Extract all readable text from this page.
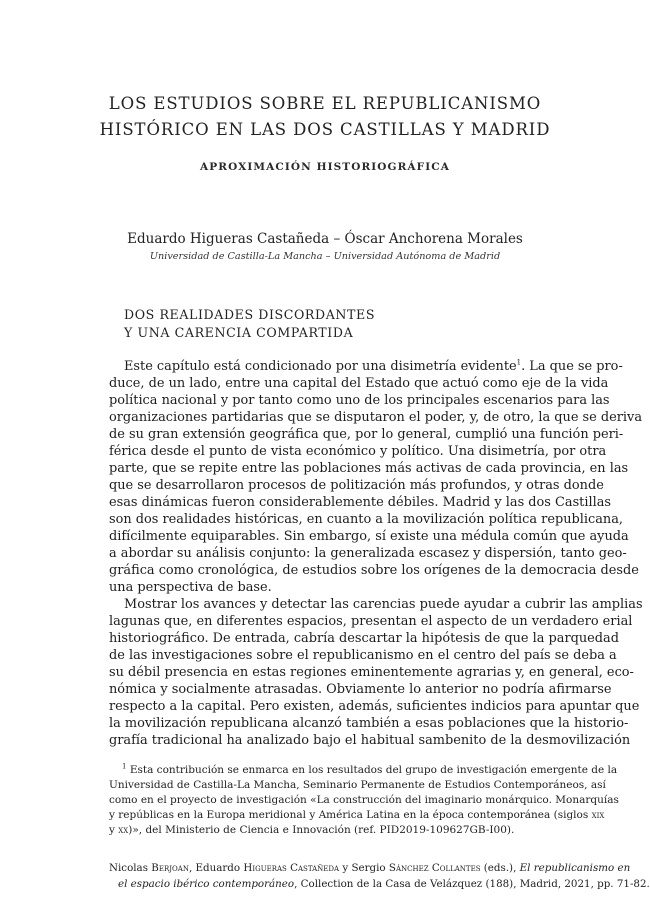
LOS ESTUDIOS SOBRE EL REPUBLICANISMO
HISTÓRICO EN LAS DOS CASTILLAS Y MADRID
APROXIMACIÓN HISTORIOGRÁFICA
Eduardo Higueras Castañeda – Óscar Anchorena Morales
Universidad de Castilla-La Mancha – Universidad Autónoma de Madrid
DOS REALIDADES DISCORDANTES
Y UNA CARENCIA COMPARTIDA
Este capítulo está condicionado por una disimetría evidente$^1$. La que se pro-
duce, de un lado, entre una capital del Estado que actuó como eje de la vida
política nacional y por tanto como uno de los principales escenarios para las
organizaciones partidarias que se disputaron el poder, y, de otro, la que se deriva
de su gran extensión geográfica que, por lo general, cumplió una función peri-
férica desde el punto de vista económico y político. Una disimetría, por otra
parte, que se repite entre las poblaciones más activas de cada provincia, en las
que se desarrollaron procesos de politización más profundos, y otras donde
esas dinámicas fueron considerablemente débiles. Madrid y las dos Castillas
son dos realidades históricas, en cuanto a la movilización política republicana,
difícilmente equiparables. Sin embargo, sí existe una médula común que ayuda
a abordar su análisis conjunto: la generalizada escasez y dispersión, tanto geo-
gráfica como cronológica, de estudios sobre los orígenes de la democracia desde
una perspectiva de base.
Mostrar los avances y detectar las carencias puede ayudar a cubrir las amplias
lagunas que, en diferentes espacios, presentan el aspecto de un verdadero erial
historiográfico. De entrada, cabría descartar la hipótesis de que la parquedad
de las investigaciones sobre el republicanismo en el centro del país se deba a
su débil presencia en estas regiones eminentemente agrarias y, en general, eco-
nómica y socialmente atrasadas. Obviamente lo anterior no podría afirmarse
respecto a la capital. Pero existen, además, suficientes indicios para apuntar que
la movilización republicana alcanzó también a esas poblaciones que la historio-
grafía tradicional ha analizado bajo el habitual sambenito de la desmovilización
$^1$ Esta contribución se enmarca en los resultados del grupo de investigación emergente de la
Universidad de Castilla-La Mancha, Seminario Permanente de Estudios Contemporáneos, así
como en el proyecto de investigación «La construcción del imaginario monárquico. Monarquías
y repúblicas en la Europa meridional y América Latina en la época contemporánea (siglos xix
y xx)», del Ministerio de Ciencia e Innovación (ref. PID2019-109627GB-I00).
Nicolas Berjoan, Eduardo Higueras Castañeda y Sergio Sánchez Collantes (eds.), El republicanismo en
el espacio ibérico contemporáneo, Collection de la Casa de Velázquez (188), Madrid, 2021, pp. 71-82.
